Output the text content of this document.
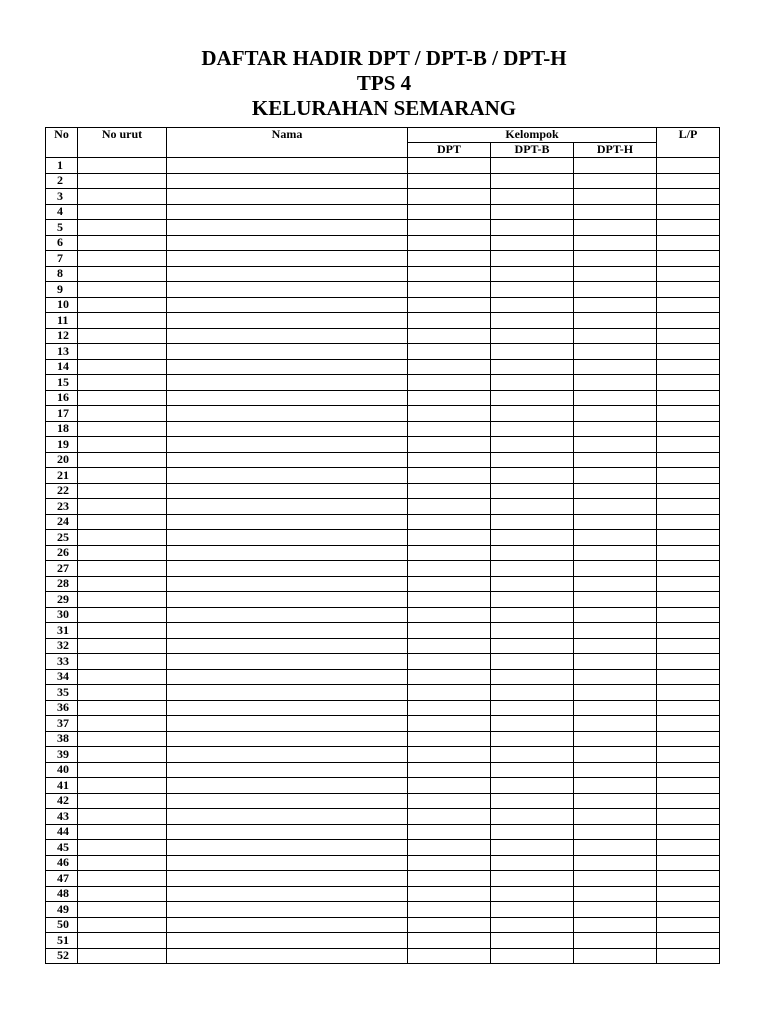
DAFTAR HADIR DPT / DPT-B / DPT-H
TPS 4
KELURAHAN SEMARANG
No	No urut	Nama	Kelompok			L/P
			DPT	DPT-B	DPT-H	
1						
2						
3						
4						
5						
6						
7						
8						
9						
10						
11						
12						
13						
14						
15						
16						
17						
18						
19						
20						
21						
22						
23						
24						
25						
26						
27						
28						
29						
30						
31						
32						
33						
34						
35						
36						
37						
38						
39						
40						
41						
42						
43						
44						
45						
46						
47						
48						
49						
50						
51						
52						
